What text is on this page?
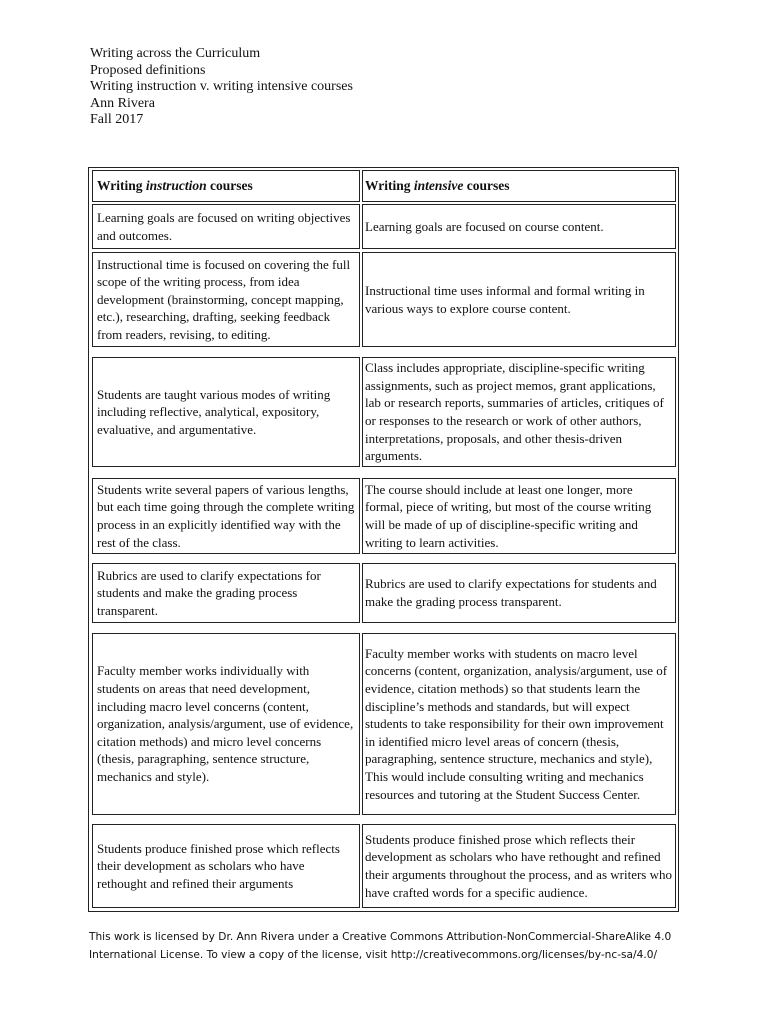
Writing across the Curriculum
Proposed definitions
Writing instruction v. writing intensive courses
Ann Rivera
Fall 2017
Writing instruction courses	Writing intensive courses
Learning goals are focused on writing objectives and outcomes.
Learning goals are focused on course content.
Instructional time is focused on covering the full scope of the writing process, from idea development (brainstorming, concept mapping, etc.), researching, drafting, seeking feedback from readers, revising, to editing.
Instructional time uses informal and formal writing in various ways to explore course content.
Students are taught various modes of writing including reflective, analytical, expository, evaluative, and argumentative.
Class includes appropriate, discipline-specific writing assignments, such as project memos, grant applications, lab or research reports, summaries of articles, critiques of or responses to the research or work of other authors, interpretations, proposals, and other thesis-driven arguments.
Students write several papers of various lengths, but each time going through the complete writing process in an explicitly identified way with the rest of the class.
The course should include at least one longer, more formal, piece of writing, but most of the course writing will be made of up of discipline-specific writing and writing to learn activities.
Rubrics are used to clarify expectations for students and make the grading process transparent.
Rubrics are used to clarify expectations for students and make the grading process transparent.
Faculty member works individually with students on areas that need development, including macro level concerns (content, organization, analysis/argument, use of evidence, citation methods) and micro level concerns (thesis, paragraphing, sentence structure, mechanics and style).
Faculty member works with students on macro level concerns (content, organization, analysis/argument, use of evidence, citation methods) so that students learn the discipline’s methods and standards, but will expect students to take responsibility for their own improvement in identified micro level areas of concern (thesis, paragraphing, sentence structure, mechanics and style), This would include consulting writing and mechanics resources and tutoring at the Student Success Center.
Students produce finished prose which reflects their development as scholars who have rethought and refined their arguments
Students produce finished prose which reflects their development as scholars who have rethought and refined their arguments throughout the process, and as writers who have crafted words for a specific audience.
This work is licensed by Dr. Ann Rivera under a Creative Commons Attribution-NonCommercial-ShareAlike 4.0
International License. To view a copy of the license, visit http://creativecommons.org/licenses/by-nc-sa/4.0/
